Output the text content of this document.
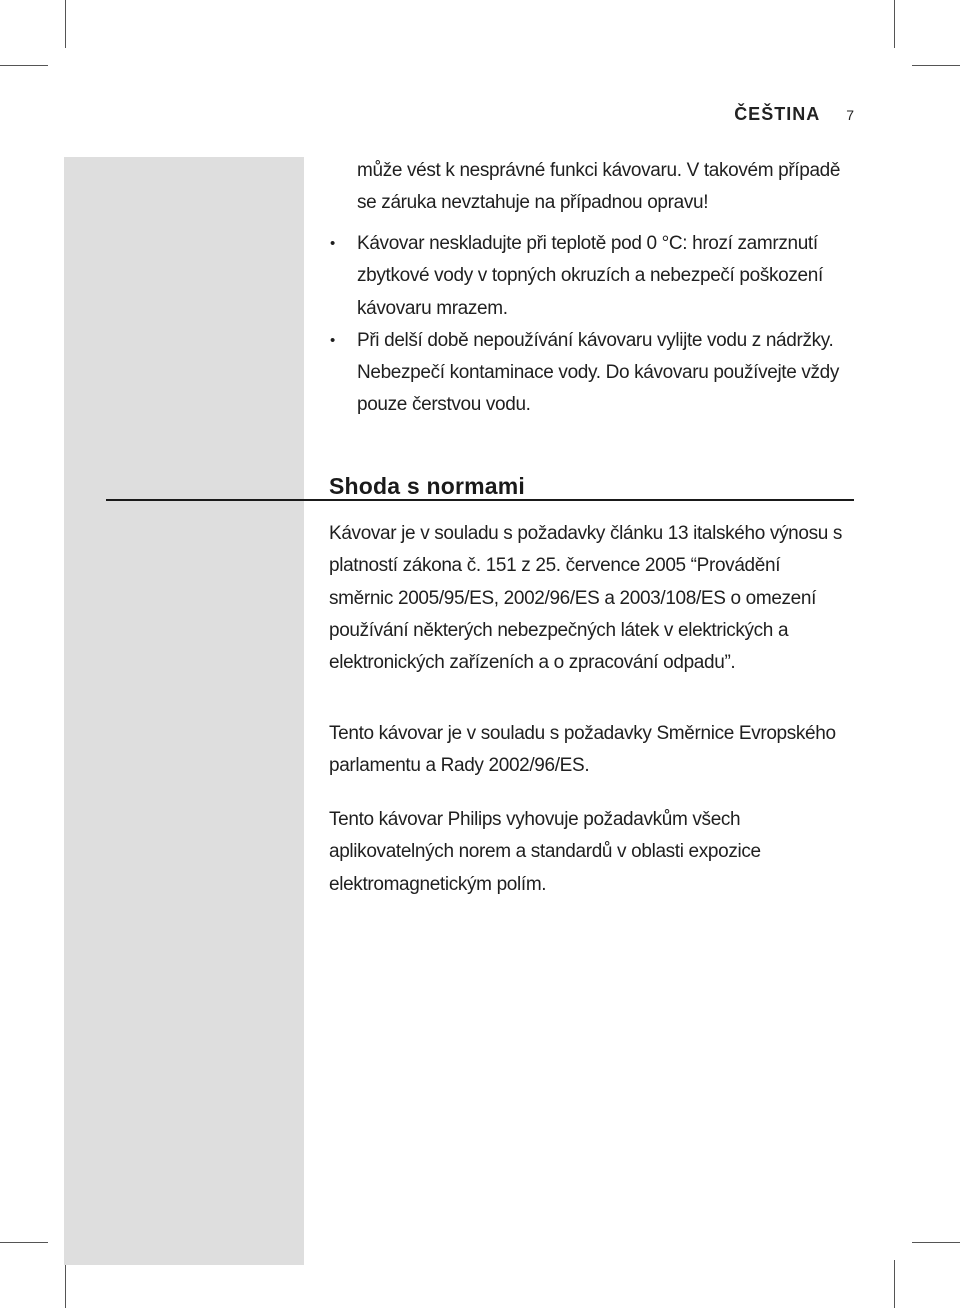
ČEŠTINA 7

může vést k nesprávné funkci kávovaru. V takovém případě se záruka nevztahuje na případnou opravu!

• Kávovar neskladujte při teplotě pod 0 °C: hrozí zamrznutí zbytkové vody v topných okruzích a nebezpečí poškození kávovaru mrazem.
• Při delší době nepoužívání kávovaru vylijte vodu z nádržky. Nebezpečí kontaminace vody. Do kávovaru používejte vždy pouze čerstvou vodu.
Shoda s normami

Kávovar je v souladu s požadavky článku 13 italského výnosu s platností zákona č. 151 z 25. července 2005 “Provádění směrnic 2005/95/ES, 2002/96/ES a 2003/108/ES o omezení používání některých nebezpečných látek v elektrických a elektronických zařízeních a o zpracování odpadu”.

Tento kávovar je v souladu s požadavky Směrnice Evropského parlamentu a Rady 2002/96/ES.

Tento kávovar Philips vyhovuje požadavkům všech aplikovatelných norem a standardů v oblasti expozice elektromagnetickým polím.
